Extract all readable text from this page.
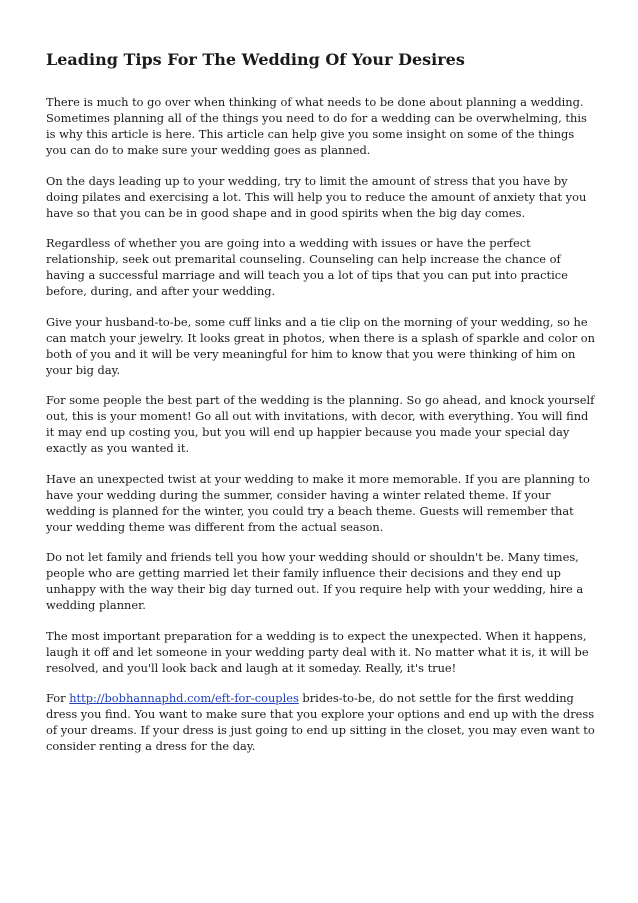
Leading Tips For The Wedding Of Your Desires

There is much to go over when thinking of what needs to be done about planning a wedding. Sometimes planning all of the things you need to do for a wedding can be overwhelming, this is why this article is here. This article can help give you some insight on some of the things you can do to make sure your wedding goes as planned.

On the days leading up to your wedding, try to limit the amount of stress that you have by doing pilates and exercising a lot. This will help you to reduce the amount of anxiety that you have so that you can be in good shape and in good spirits when the big day comes.

Regardless of whether you are going into a wedding with issues or have the perfect relationship, seek out premarital counseling. Counseling can help increase the chance of having a successful marriage and will teach you a lot of tips that you can put into practice before, during, and after your wedding.

Give your husband-to-be, some cuff links and a tie clip on the morning of your wedding, so he can match your jewelry. It looks great in photos, when there is a splash of sparkle and color on both of you and it will be very meaningful for him to know that you were thinking of him on your big day.

For some people the best part of the wedding is the planning. So go ahead, and knock yourself out, this is your moment! Go all out with invitations, with decor, with everything. You will find it may end up costing you, but you will end up happier because you made your special day exactly as you wanted it.

Have an unexpected twist at your wedding to make it more memorable. If you are planning to have your wedding during the summer, consider having a winter related theme. If your wedding is planned for the winter, you could try a beach theme. Guests will remember that your wedding theme was different from the actual season.

Do not let family and friends tell you how your wedding should or shouldn't be. Many times, people who are getting married let their family influence their decisions and they end up unhappy with the way their big day turned out. If you require help with your wedding, hire a wedding planner.

The most important preparation for a wedding is to expect the unexpected. When it happens, laugh it off and let someone in your wedding party deal with it. No matter what it is, it will be resolved, and you'll look back and laugh at it someday. Really, it's true!

For http://bobhannaphd.com/eft-for-couples brides-to-be, do not settle for the first wedding dress you find. You want to make sure that you explore your options and end up with the dress of your dreams. If your dress is just going to end up sitting in the closet, you may even want to consider renting a dress for the day.
